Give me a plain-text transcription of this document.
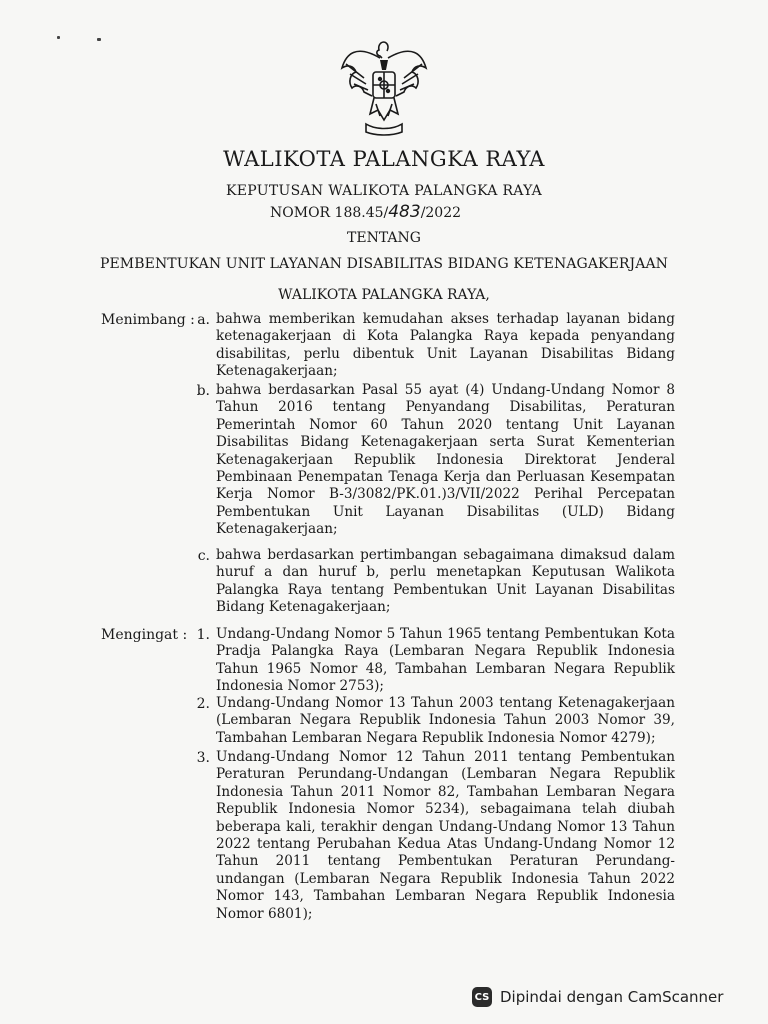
WALIKOTA PALANGKA RAYA
KEPUTUSAN WALIKOTA PALANGKA RAYA
NOMOR 188.45/483/2022
TENTANG
PEMBENTUKAN UNIT LAYANAN DISABILITAS BIDANG KETENAGAKERJAAN
WALIKOTA PALANGKA RAYA,
Menimbang : a. bahwa memberikan kemudahan akses terhadap layanan bidang ketenagakerjaan di Kota Palangka Raya kepada penyandang disabilitas, perlu dibentuk Unit Layanan Disabilitas Bidang Ketenagakerjaan;
b. bahwa berdasarkan Pasal 55 ayat (4) Undang-Undang Nomor 8 Tahun 2016 tentang Penyandang Disabilitas, Peraturan Pemerintah Nomor 60 Tahun 2020 tentang Unit Layanan Disabilitas Bidang Ketenagakerjaan serta Surat Kementerian Ketenagakerjaan Republik Indonesia Direktorat Jenderal Pembinaan Penempatan Tenaga Kerja dan Perluasan Kesempatan Kerja Nomor B-3/3082/PK.01.)3/VII/2022 Perihal Percepatan Pembentukan Unit Layanan Disabilitas (ULD) Bidang Ketenagakerjaan;
c. bahwa berdasarkan pertimbangan sebagaimana dimaksud dalam huruf a dan huruf b, perlu menetapkan Keputusan Walikota Palangka Raya tentang Pembentukan Unit Layanan Disabilitas Bidang Ketenagakerjaan;
Mengingat : 1. Undang-Undang Nomor 5 Tahun 1965 tentang Pembentukan Kota Pradja Palangka Raya (Lembaran Negara Republik Indonesia Tahun 1965 Nomor 48, Tambahan Lembaran Negara Republik Indonesia Nomor 2753);
2. Undang-Undang Nomor 13 Tahun 2003 tentang Ketenagakerjaan (Lembaran Negara Republik Indonesia Tahun 2003 Nomor 39, Tambahan Lembaran Negara Republik Indonesia Nomor 4279);
3. Undang-Undang Nomor 12 Tahun 2011 tentang Pembentukan Peraturan Perundang-Undangan (Lembaran Negara Republik Indonesia Tahun 2011 Nomor 82, Tambahan Lembaran Negara Republik Indonesia Nomor 5234), sebagaimana telah diubah beberapa kali, terakhir dengan Undang-Undang Nomor 13 Tahun 2022 tentang Perubahan Kedua Atas Undang-Undang Nomor 12 Tahun 2011 tentang Pembentukan Peraturan Perundang-undangan (Lembaran Negara Republik Indonesia Tahun 2022 Nomor 143, Tambahan Lembaran Negara Republik Indonesia Nomor 6801);
CS Dipindai dengan CamScanner
